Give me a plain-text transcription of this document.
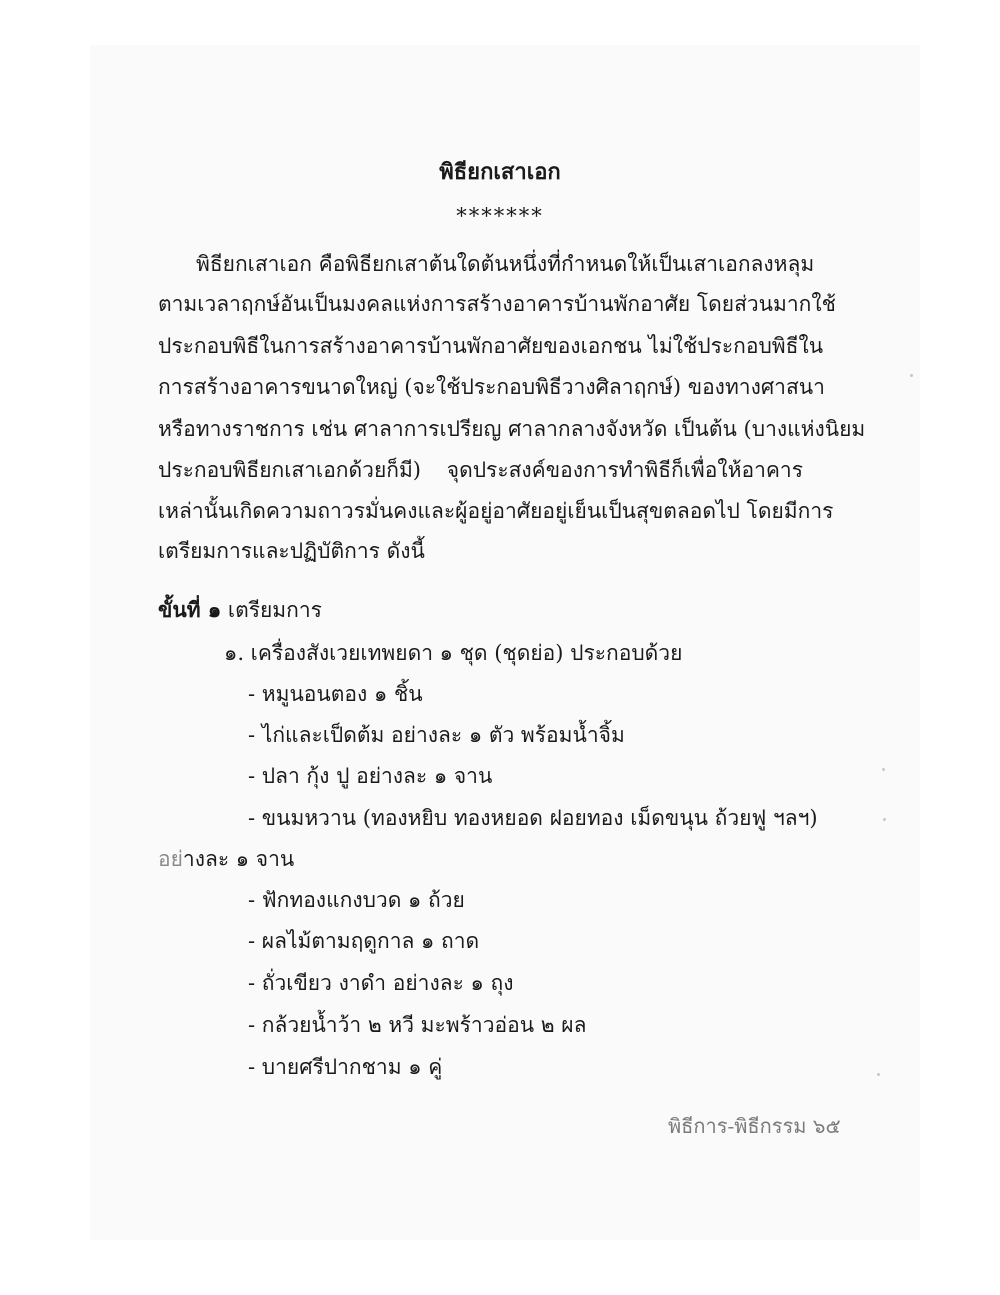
พิธียกเสาเอก
*******
พิธียกเสาเอก คือพิธียกเสาต้นใดต้นหนึ่งที่กำหนดให้เป็นเสาเอกลงหลุม
ตามเวลาฤกษ์อันเป็นมงคลแห่งการสร้างอาคารบ้านพักอาศัย โดยส่วนมากใช้
ประกอบพิธีในการสร้างอาคารบ้านพักอาศัยของเอกชน ไม่ใช้ประกอบพิธีใน
การสร้างอาคารขนาดใหญ่ (จะใช้ประกอบพิธีวางศิลาฤกษ์) ของทางศาสนา
หรือทางราชการ เช่น ศาลาการเปรียญ ศาลากลางจังหวัด เป็นต้น (บางแห่งนิยม
ประกอบพิธียกเสาเอกด้วยก็มี) จุดประสงค์ของการทำพิธีก็เพื่อให้อาคาร
เหล่านั้นเกิดความถาวรมั่นคงและผู้อยู่อาศัยอยู่เย็นเป็นสุขตลอดไป โดยมีการ
เตรียมการและปฏิบัติการ ดังนี้
ขั้นที่ ๑ เตรียมการ
๑. เครื่องสังเวยเทพยดา ๑ ชุด (ชุดย่อ) ประกอบด้วย
- หมูนอนตอง ๑ ชิ้น
- ไก่และเป็ดต้ม อย่างละ ๑ ตัว พร้อมน้ำจิ้ม
- ปลา กุ้ง ปู อย่างละ ๑ จาน
- ขนมหวาน (ทองหยิบ ทองหยอด ฝอยทอง เม็ดขนุน ถ้วยฟู ฯลฯ)
อย่างละ ๑ จาน
- ฟักทองแกงบวด ๑ ถ้วย
- ผลไม้ตามฤดูกาล ๑ ถาด
- ถั่วเขียว งาดำ อย่างละ ๑ ถุง
- กล้วยน้ำว้า ๒ หวี มะพร้าวอ่อน ๒ ผล
- บายศรีปากชาม ๑ คู่
พิธีการ-พิธีกรรม ๖๕
